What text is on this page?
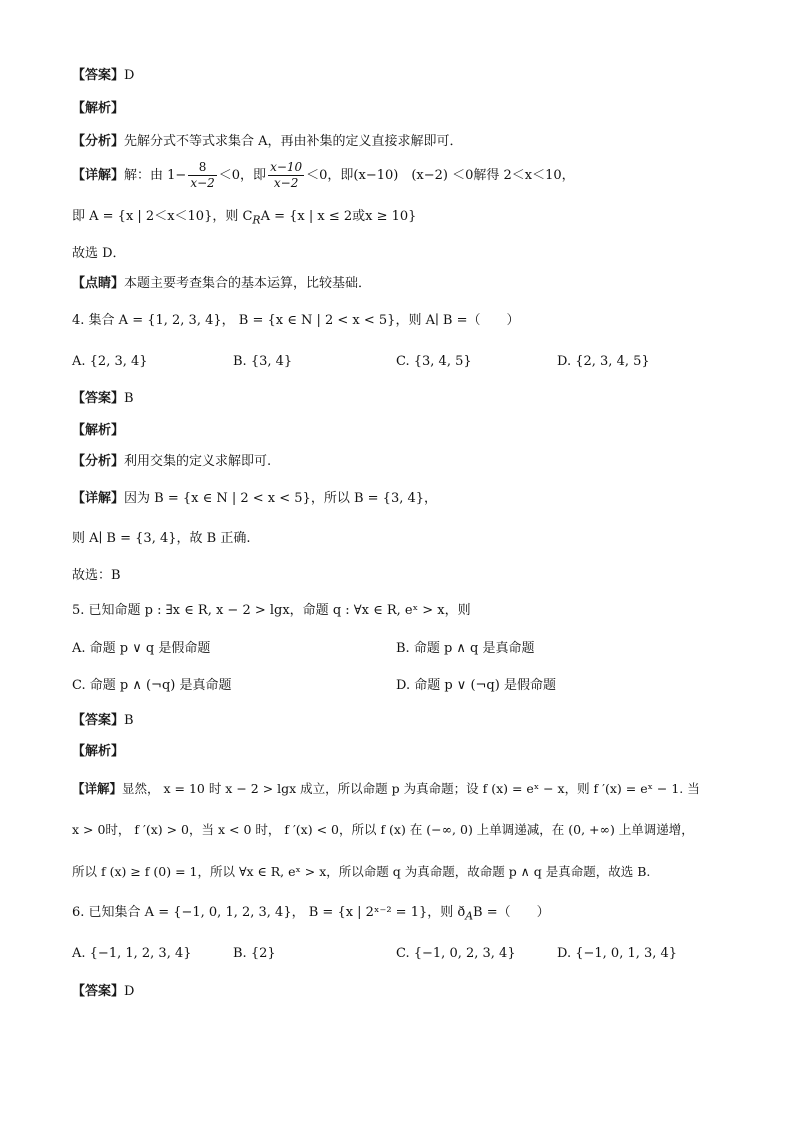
【答案】D
【解析】
【分析】先解分式不等式求集合 A，再由补集的定义直接求解即可．
【详解】解：由 $1- \frac{8}{x-2} <0$，即 $\frac{x-10}{x-2} <0$，即(x−10)　(x−2) ＜0解得 2＜x＜10，
即 A = {x | 2＜x＜10}，则 $C_RA = \{x$ | x ≤ 2或x ≥ 10}
故选 D．
【点睛】本题主要考查集合的基本运算，比较基础．
4. 集合 A = {1, 2, 3, 4}， B = {x ∈ N | 2 < x < 5}，则 A∣ B =（　　）
A. {2, 3, 4}	B. {3, 4}	C. {3, 4, 5}	D. {2, 3, 4, 5}
【答案】B
【解析】
【分析】利用交集的定义求解即可.
【详解】因为 B = {x ∈ N | 2 < x < 5}，所以 B = {3, 4}，
则 A∣ B = {3, 4}，故 B 正确.
故选：B
5. 已知命题 p : ∃x ∈ R, x − 2 > lgx，命题 q : ∀x ∈ R, eˣ > x，则
A. 命题 p ∨ q 是假命题	B. 命题 p ∧ q 是真命题
C. 命题 p ∧ (¬q) 是真命题	D. 命题 p ∨ (¬q) 是假命题
【答案】B
【解析】
【详解】显然， x = 10 时 x − 2 > lgx 成立，所以命题 p 为真命题；设 f (x) = eˣ − x，则 f ′(x) = eˣ − 1. 当
x > 0时， f ′(x) > 0，当 x < 0 时， f ′(x) < 0，所以 f (x) 在 (−∞, 0) 上单调递减，在 (0, +∞) 上单调递增，
所以 f (x) ≥ f (0) = 1，所以 ∀x ∈ R, eˣ > x，所以命题 q 为真命题，故命题 p ∧ q 是真命题，故选 B.
6. 已知集合 A = {−1, 0, 1, 2, 3, 4}， B = {x | 2ˣ⁻² = 1}，则 $ð_AB$ =（　　）
A. {−1, 1, 2, 3, 4}	B. {2}	C. {−1, 0, 2, 3, 4}	D. {−1, 0, 1, 3, 4}
【答案】D
